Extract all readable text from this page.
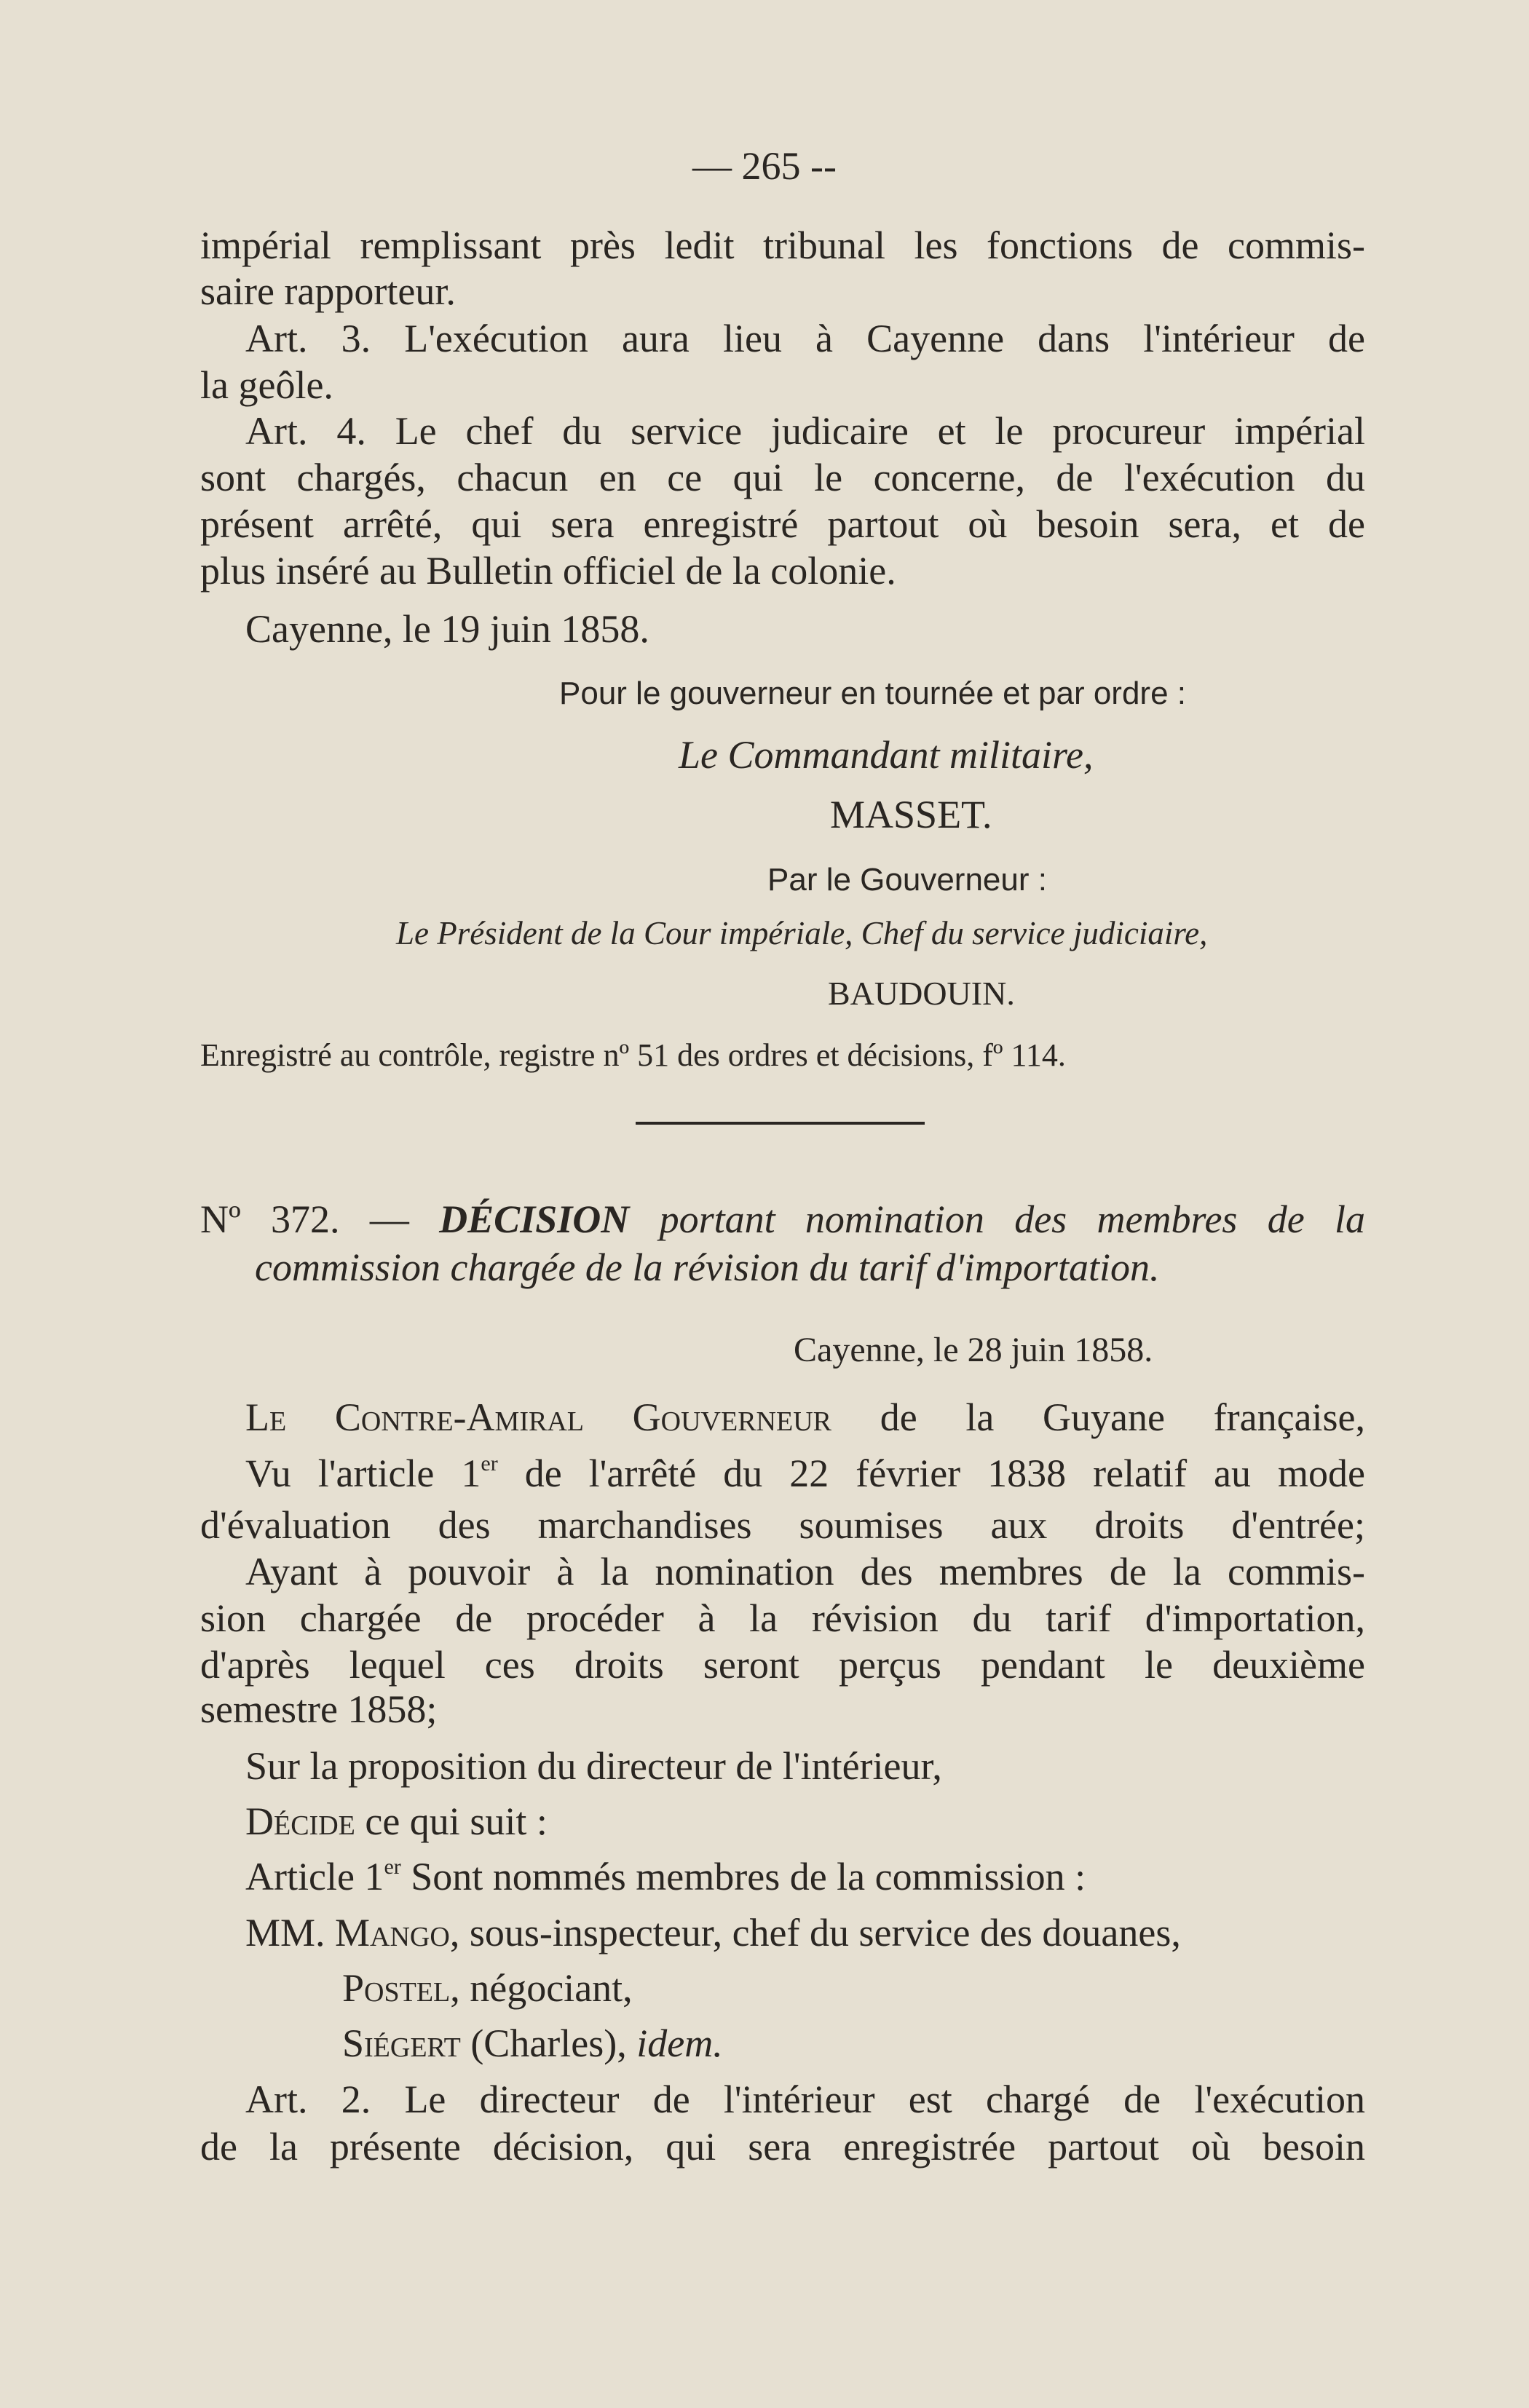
— 265 --
impérial remplissant près ledit tribunal les fonctions de commis-
saire rapporteur.
Art. 3. L'exécution aura lieu à Cayenne dans l'intérieur de
la geôle.
Art. 4. Le chef du service judicaire et le procureur impérial
sont chargés, chacun en ce qui le concerne, de l'exécution du
présent arrêté, qui sera enregistré partout où besoin sera, et de
plus inséré au Bulletin officiel de la colonie.
Cayenne, le 19 juin 1858.
Pour le gouverneur en tournée et par ordre :
Le Commandant militaire,
MASSET.
Par le Gouverneur :
Le Président de la Cour impériale, Chef du service judiciaire,
BAUDOUIN.
Enregistré au contrôle, registre nº 51 des ordres et décisions, fº 114.
Nº 372. — DÉCISION portant nomination des membres de la
commission chargée de la révision du tarif d'importation.
Cayenne, le 28 juin 1858.
Le Contre-Amiral Gouverneur de la Guyane française,
Vu l'article 1er de l'arrêté du 22 février 1838 relatif au mode
d'évaluation des marchandises soumises aux droits d'entrée;
Ayant à pouvoir à la nomination des membres de la commis-
sion chargée de procéder à la révision du tarif d'importation,
d'après lequel ces droits seront perçus pendant le deuxième
semestre 1858;
Sur la proposition du directeur de l'intérieur,
Décide ce qui suit :
Article 1er Sont nommés membres de la commission :
MM. Mango, sous-inspecteur, chef du service des douanes,
Postel, négociant,
Siégert (Charles), idem.
Art. 2. Le directeur de l'intérieur est chargé de l'exécution
de la présente décision, qui sera enregistrée partout où besoin
